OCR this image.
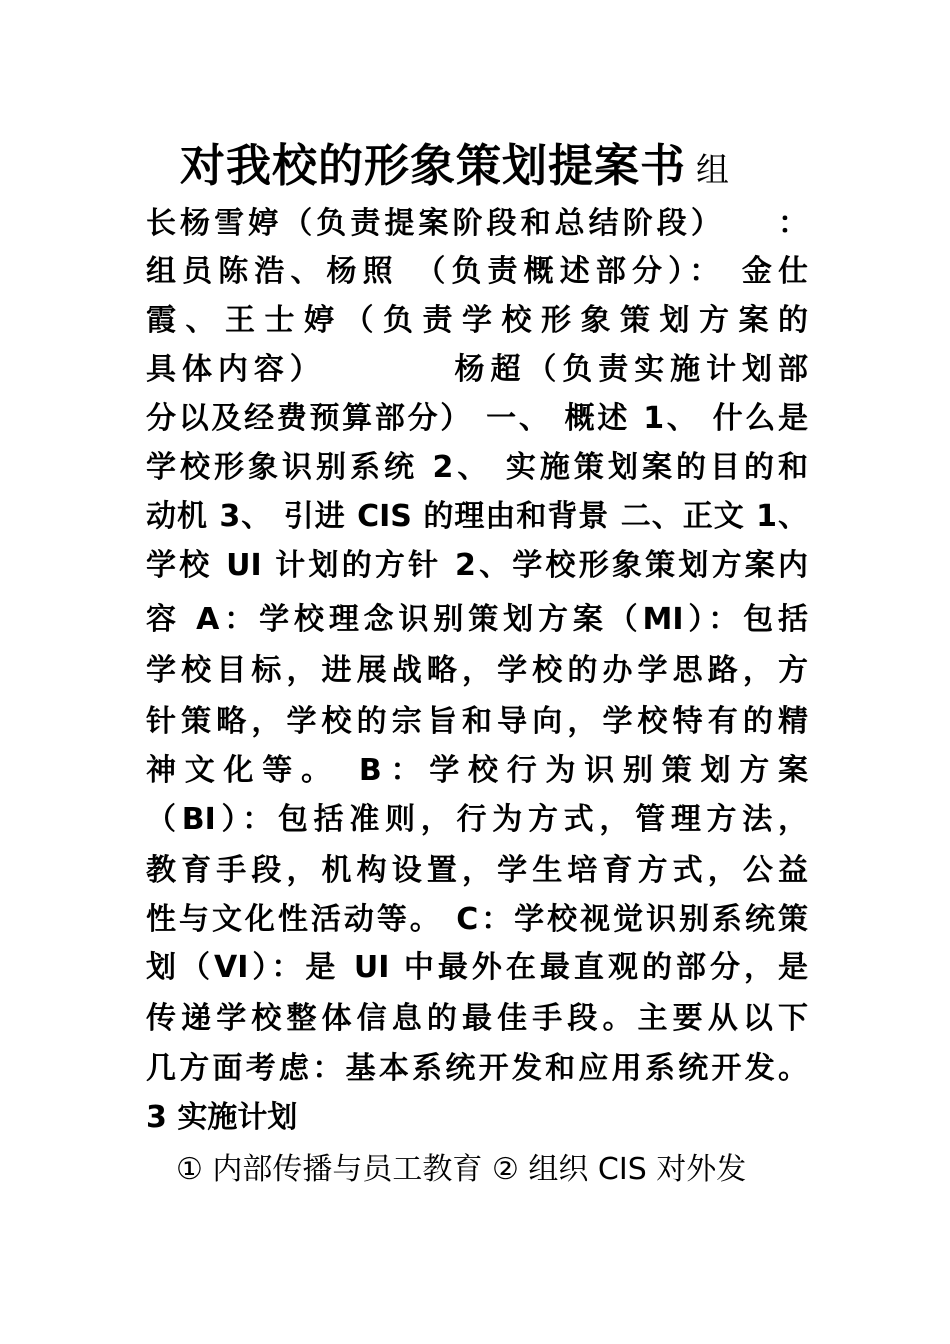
对我校的形象策划提案书 组
长杨雪婷（负责提案阶段和总结阶段）　　：
组员陈浩、杨照 （负责概述部分）： 金仕
霞、王士婷（负责学校形象策划方案的
具体内容）　　　　杨超（负责实施计划部
分以及经费预算部分） 一、 概述 1、 什么是
学校形象识别系统 2、 实施策划案的目的和
动机 3、 引进 CIS 的理由和背景 二、正文 1、
学校 UI 计划的方针 2、学校形象策划方案内
容 A：学校理念识别策划方案（MI）：包括
学校目标，进展战略，学校的办学思路，方
针策略，学校的宗旨和导向，学校特有的精
神文化等。 B：学校行为识别策划方案
（BI）：包括准则，行为方式，管理方法，
教育手段，机构设置，学生培育方式，公益
性与文化性活动等。 C：学校视觉识别系统策
划（VI）：是 UI 中最外在最直观的部分，是
传递学校整体信息的最佳手段。主要从以下
几方面考虑：基本系统开发和应用系统开发。
3 实施计划
　① 内部传播与员工教育 ② 组织 CIS 对外发
